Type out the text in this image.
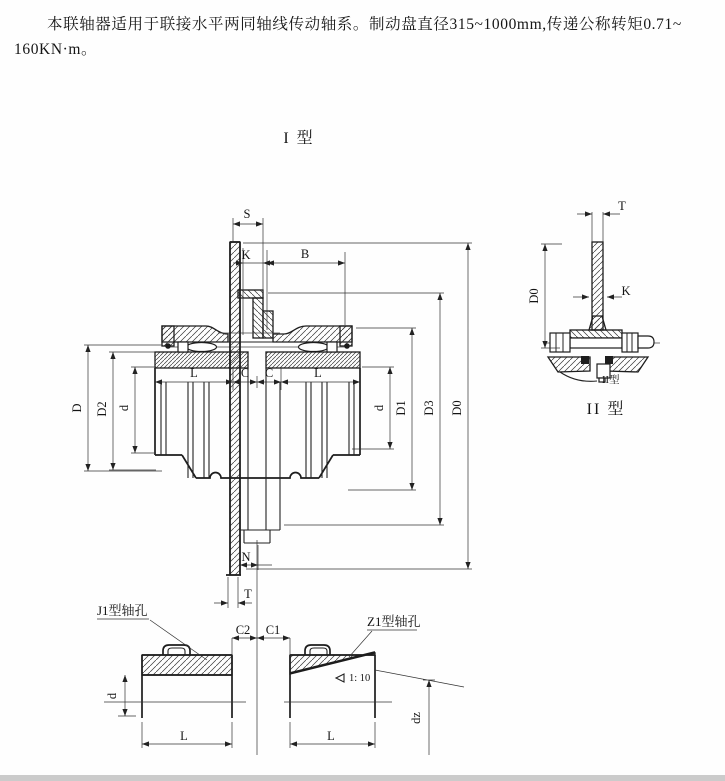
本联轴器适用于联接水平两同轴线传动轴系。制动盘直径315~1000mm,传递公称转矩0.71~
160KN·m。
I 型
S
K	B
L	C C	L
D D2 d	d D1 D3 D0
N
T
C2 C1
J1型轴孔
Z1型轴孔
d
L	L
1: 10
dz
T
K
D0
II型
II 型
